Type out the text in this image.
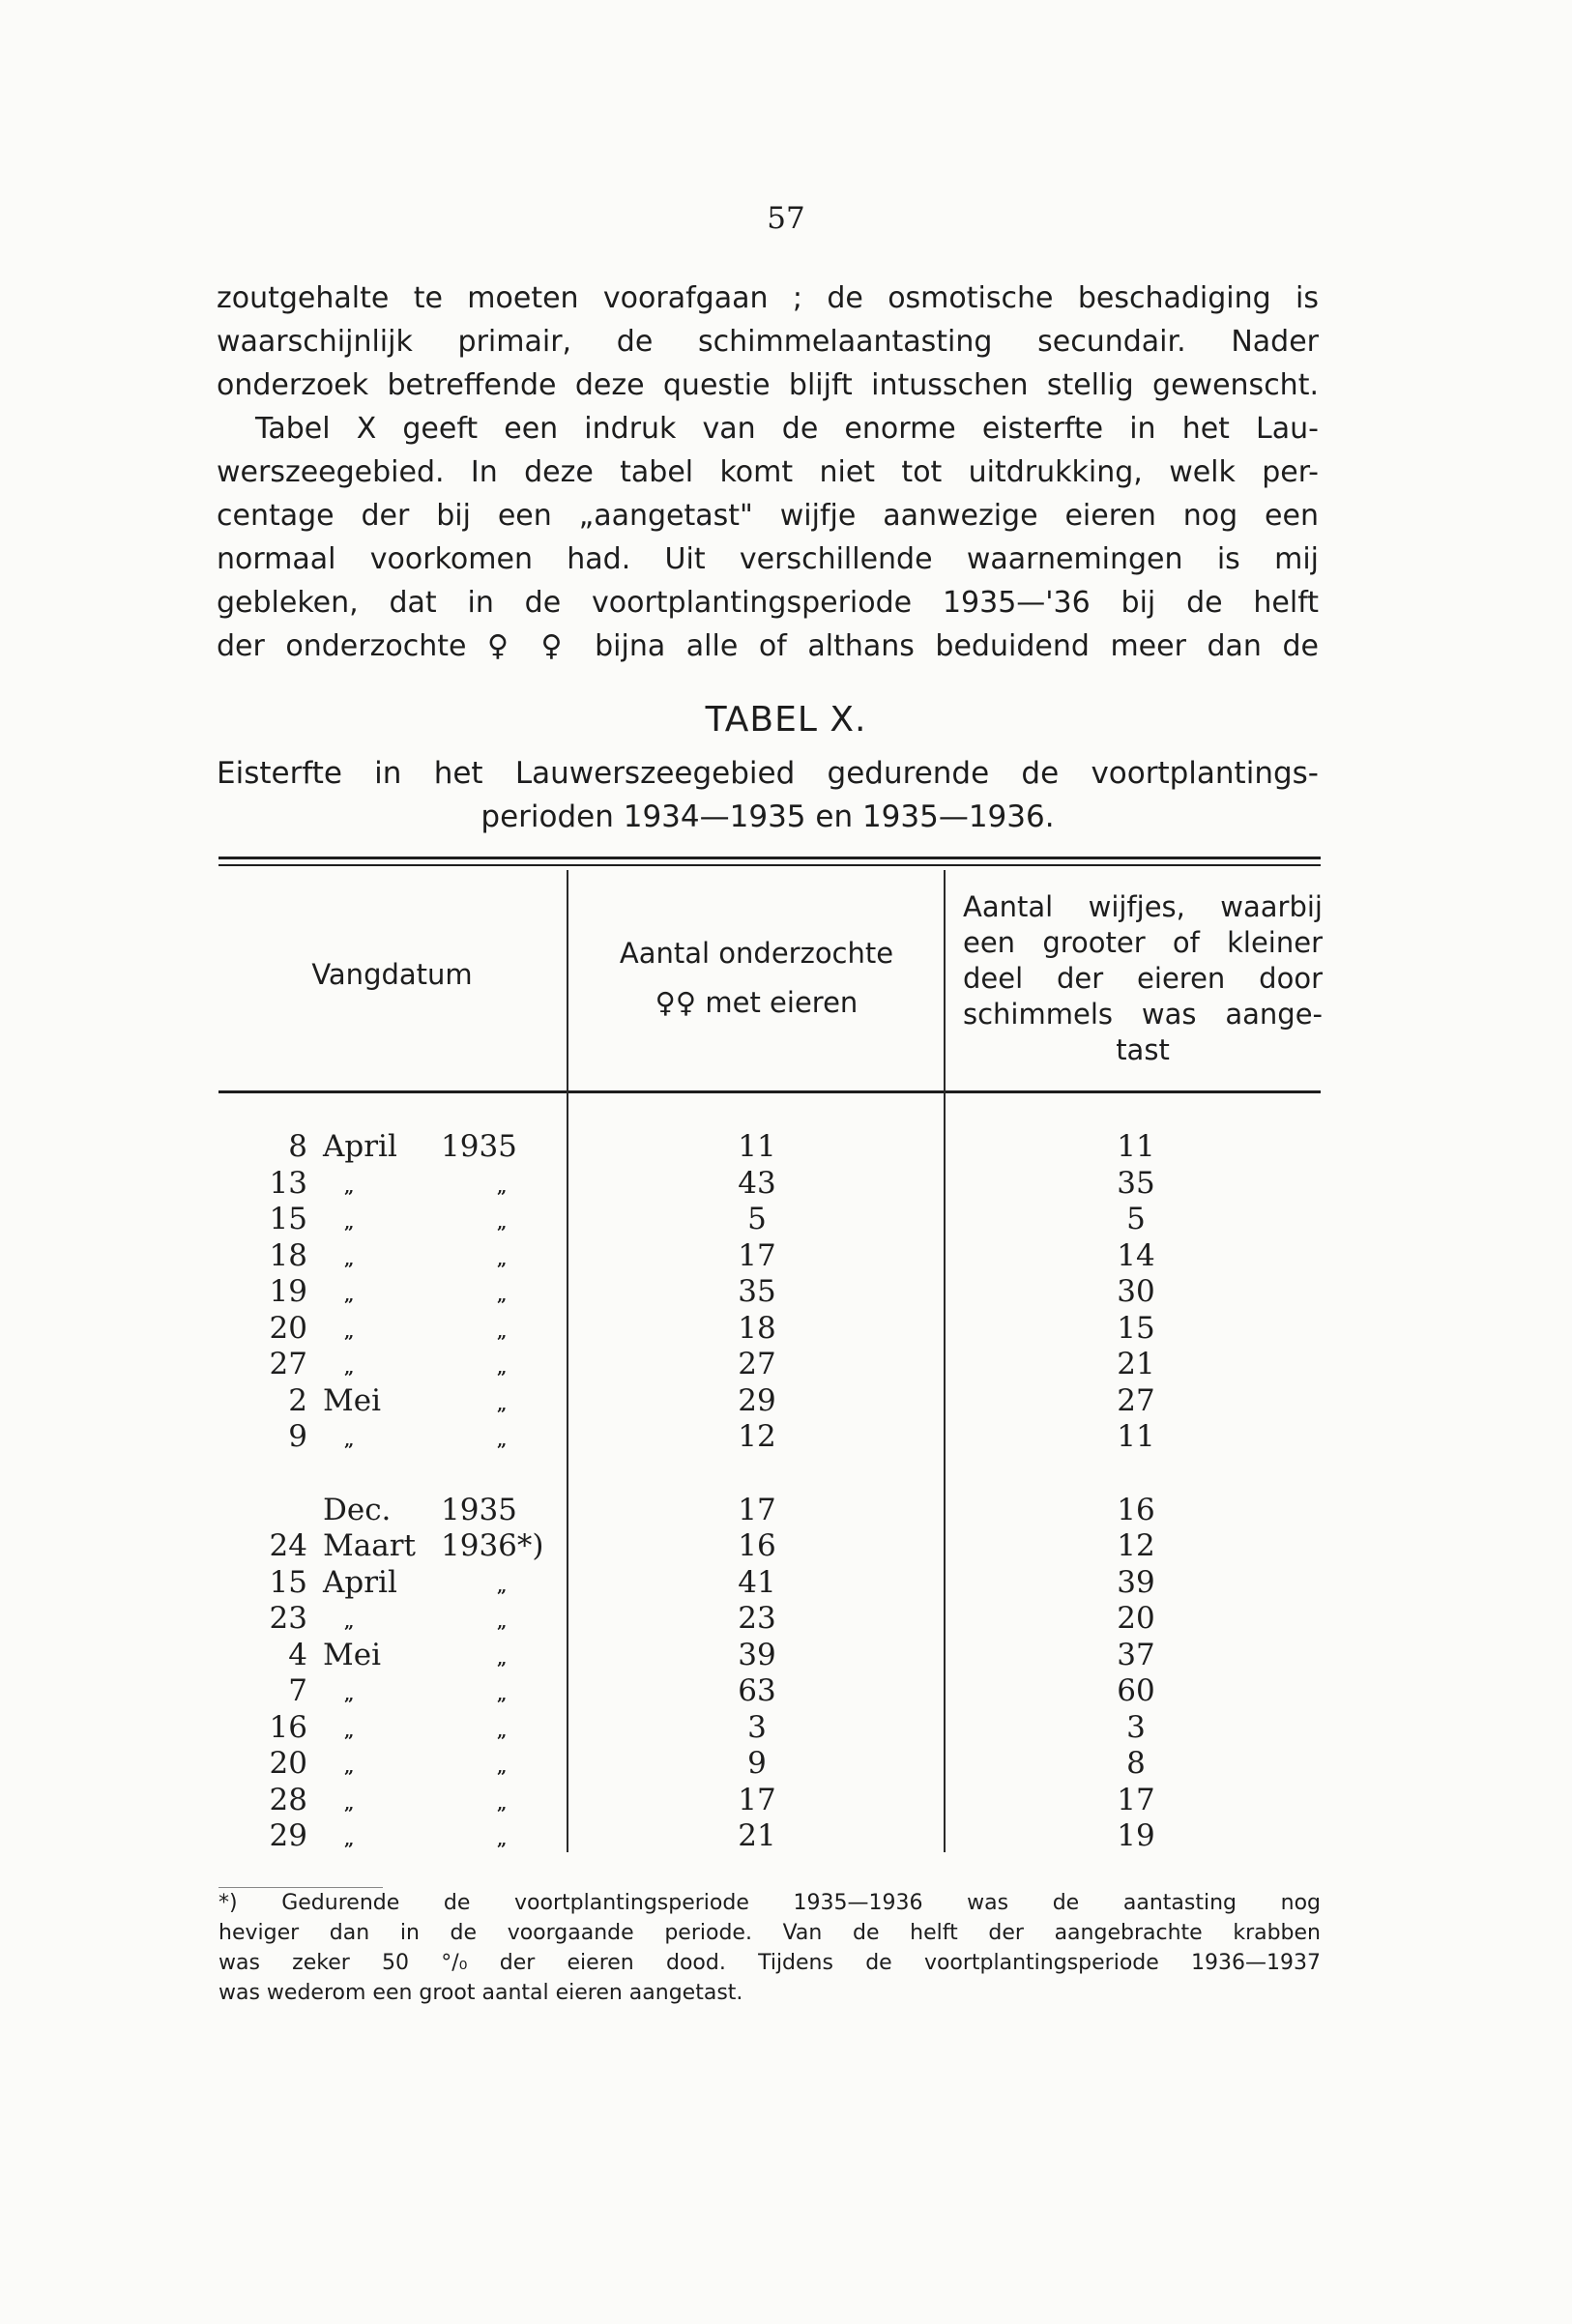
57
zoutgehalte te moeten voorafgaan ; de osmotische beschadiging is
waarschijnlijk primair, de schimmelaantasting secundair. Nader
onderzoek betreffende deze questie blijft intusschen stellig gewenscht.
Tabel X geeft een indruk van de enorme eisterfte in het Lau-
werszeegebied. In deze tabel komt niet tot uitdrukking, welk per-
centage der bij een „aangetast" wijfje aanwezige eieren nog een
normaal voorkomen had. Uit verschillende waarnemingen is mij
gebleken, dat in de voortplantingsperiode 1935—'36 bij de helft
der onderzochte ♀ ♀ bijna alle of althans beduidend meer dan de
TABEL X.
Eisterfte in het Lauwerszeegebied gedurende de voortplantings-
perioden 1934—1935 en 1935—1936.
Vangdatum
Aantal onderzochte
♀♀ met eieren
Aantal wijfjes, waarbij
een grooter of kleiner
deel der eieren door
schimmels was aange-
tast
8 April	1935	11	11
13	„	„	43	35
15	„	„	5	5
18	„	„	17	14
19	„	„	35	30
20	„	„	18	15
27	„	„	27	21
2 Mei	„	29	27
9	„	„	12	11
Dec.	1935	17	16
24 Maart 1936*)	16	12
15 April	„	41	39
23	„	„	23	20
4 Mei	„	39	37
7	„	„	63	60
16	„	„	3	3
20	„	„	9	8
28	„	„	17	17
29	„	„	21	19
*) Gedurende de voortplantingsperiode 1935—1936 was de aantasting nog
heviger dan in de voorgaande periode. Van de helft der aangebrachte krabben
was zeker 50 °/₀ der eieren dood. Tijdens de voortplantingsperiode 1936—1937
was wederom een groot aantal eieren aangetast.
